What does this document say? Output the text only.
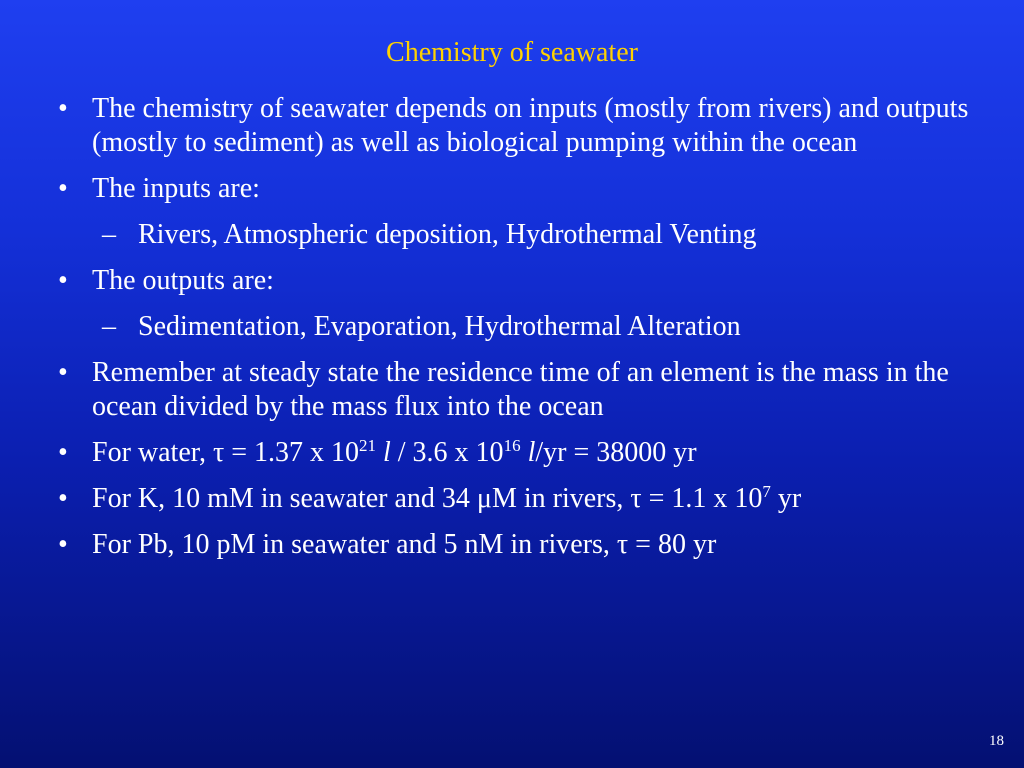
Chemistry of seawater
• The chemistry of seawater depends on inputs (mostly from rivers) and outputs (mostly to sediment) as well as biological pumping within the ocean
• The inputs are:
– Rivers, Atmospheric deposition, Hydrothermal Venting
• The outputs are:
– Sedimentation, Evaporation, Hydrothermal Alteration
• Remember at steady state the residence time of an element is the mass in the ocean divided by the mass flux into the ocean
• For water, τ = 1.37 x $10^{21}$ l / 3.6 x $10^{16}$ l/yr = 38000 yr
• For K, 10 mM in seawater and 34 μM in rivers, τ = 1.1 x $10^7$ yr
• For Pb, 10 pM in seawater and 5 nM in rivers, τ = 80 yr
18
